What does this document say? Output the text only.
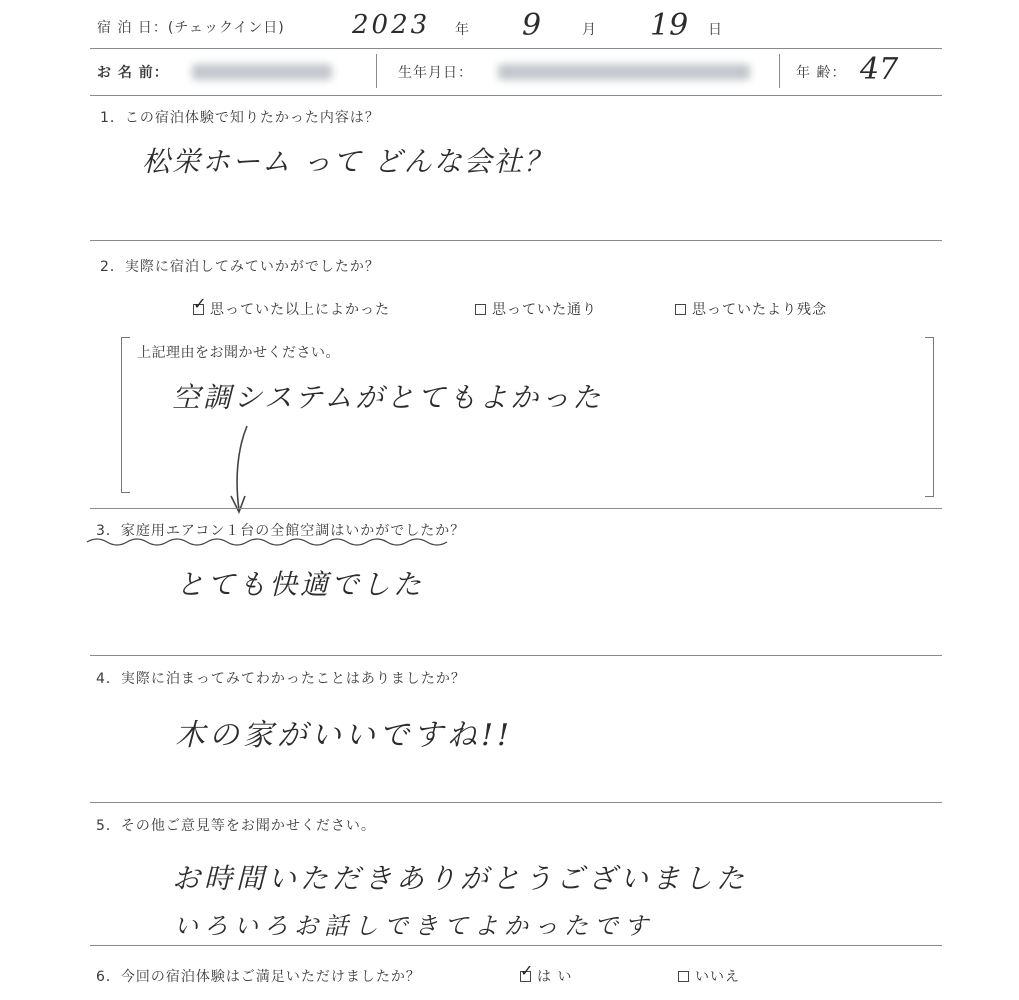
宿 泊 日：(チェックイン日)	2023 年 9	月 19 日
お 名 前：	生年月日：	年 齢： 47
1．この宿泊体験で知りたかった内容は？
松栄ホーム って どんな会社？
2．実際に宿泊してみていかがでしたか？
✓ 思っていた以上によかった	思っていた通り	思っていたより残念
上記理由をお聞かせください。
空調システムがとてもよかった
3．家庭用エアコン１台の全館空調はいかがでしたか？
とても快適でした
4．実際に泊まってみてわかったことはありましたか？
木の家がいいですね!!
5．その他ご意見等をお聞かせください。
お時間いただきありがとうございました
いろいろお話しできてよかったです
6．今回の宿泊体験はご満足いただけましたか？	✓ は い	いいえ
